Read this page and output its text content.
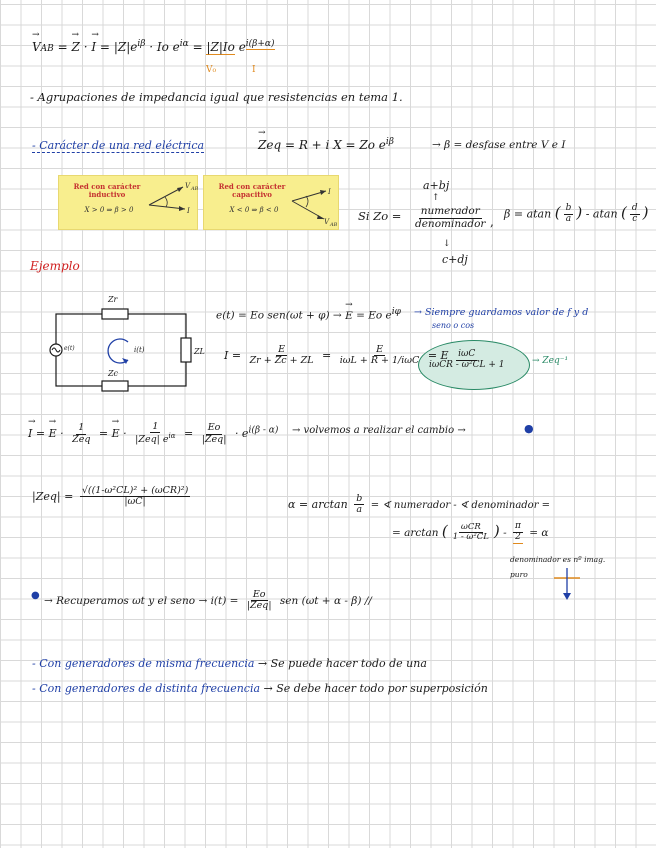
→ VAB = → Z · → $I = |Z|e^{i\beta} \cdot Io$ $e^{i\alpha} = |Z|Io$ $e^{i(\beta+\alpha)}$
V₀	I
- Agrupaciones de impedancia igual que resistencias en tema 1.
- Carácter de una red eléctrica	→ Zeq = R + i X = Zo $e^{i\beta}$	→ β = desfase entre V e I
Red con carácter inductivo
X > 0 ⇒ β > 0
V AB
I
Red con carácter capacitivo
X < 0 ⇒ β < 0
I
V AB
a+bj
↑
Si $Zo = \frac{\text{numerador}}{\text{denominador}}$ ,
β = atan ( $\frac{b}{a}$ ) - atan ( $\frac{d}{c}$ )
↓
c+dj
Ejemplo
Zr
Zc
ZL
i(t)
e(t)
e(t) = Eo sen(ωt + φ) → → E = Eo $e^{i\varphi}$ → Siempre guardamos valor de f y d
seno o cos
$I = \frac{E}{Zr + Zc + ZL} = \frac{E}{\text{iωL + R + 1/iωC}} = E$
$\frac{\text{iωC}}{\text{iωCR - ω²CL + 1}}$	→ Zeq⁻¹
→ I = → $E \cdot \frac{1}{\text{Zeq}}$ = → $E \cdot \frac{1}{|Zeq| e^{i\alpha}} = \frac{Eo}{\text{|Zeq|}} \cdot e^{i(\beta - \alpha)}$ → volvemos a realizar el cambio →	●
$|Zeq| = \frac{\text{√((1-ω²CL)² + (ωCR)²)}}{|\omega C|}$	$\alpha = \arctan \frac{b}{a}$ = ∢ numerador - ∢ denominador =
= arctan ( $\frac{\text{ωCR}}{\text{1 - ω²CL}}$ ) - $\frac{\pi}{2} = \alpha$
denominador es nº imag.
puro
● → Recuperamos ωt y el seno → $i(t) = \frac{Eo}{\text{|Zeq|}}$ sen (ωt + α - β) //
- Con generadores de misma frecuencia → Se puede hacer todo de una
- Con generadores de distinta frecuencia → Se debe hacer todo por superposición
